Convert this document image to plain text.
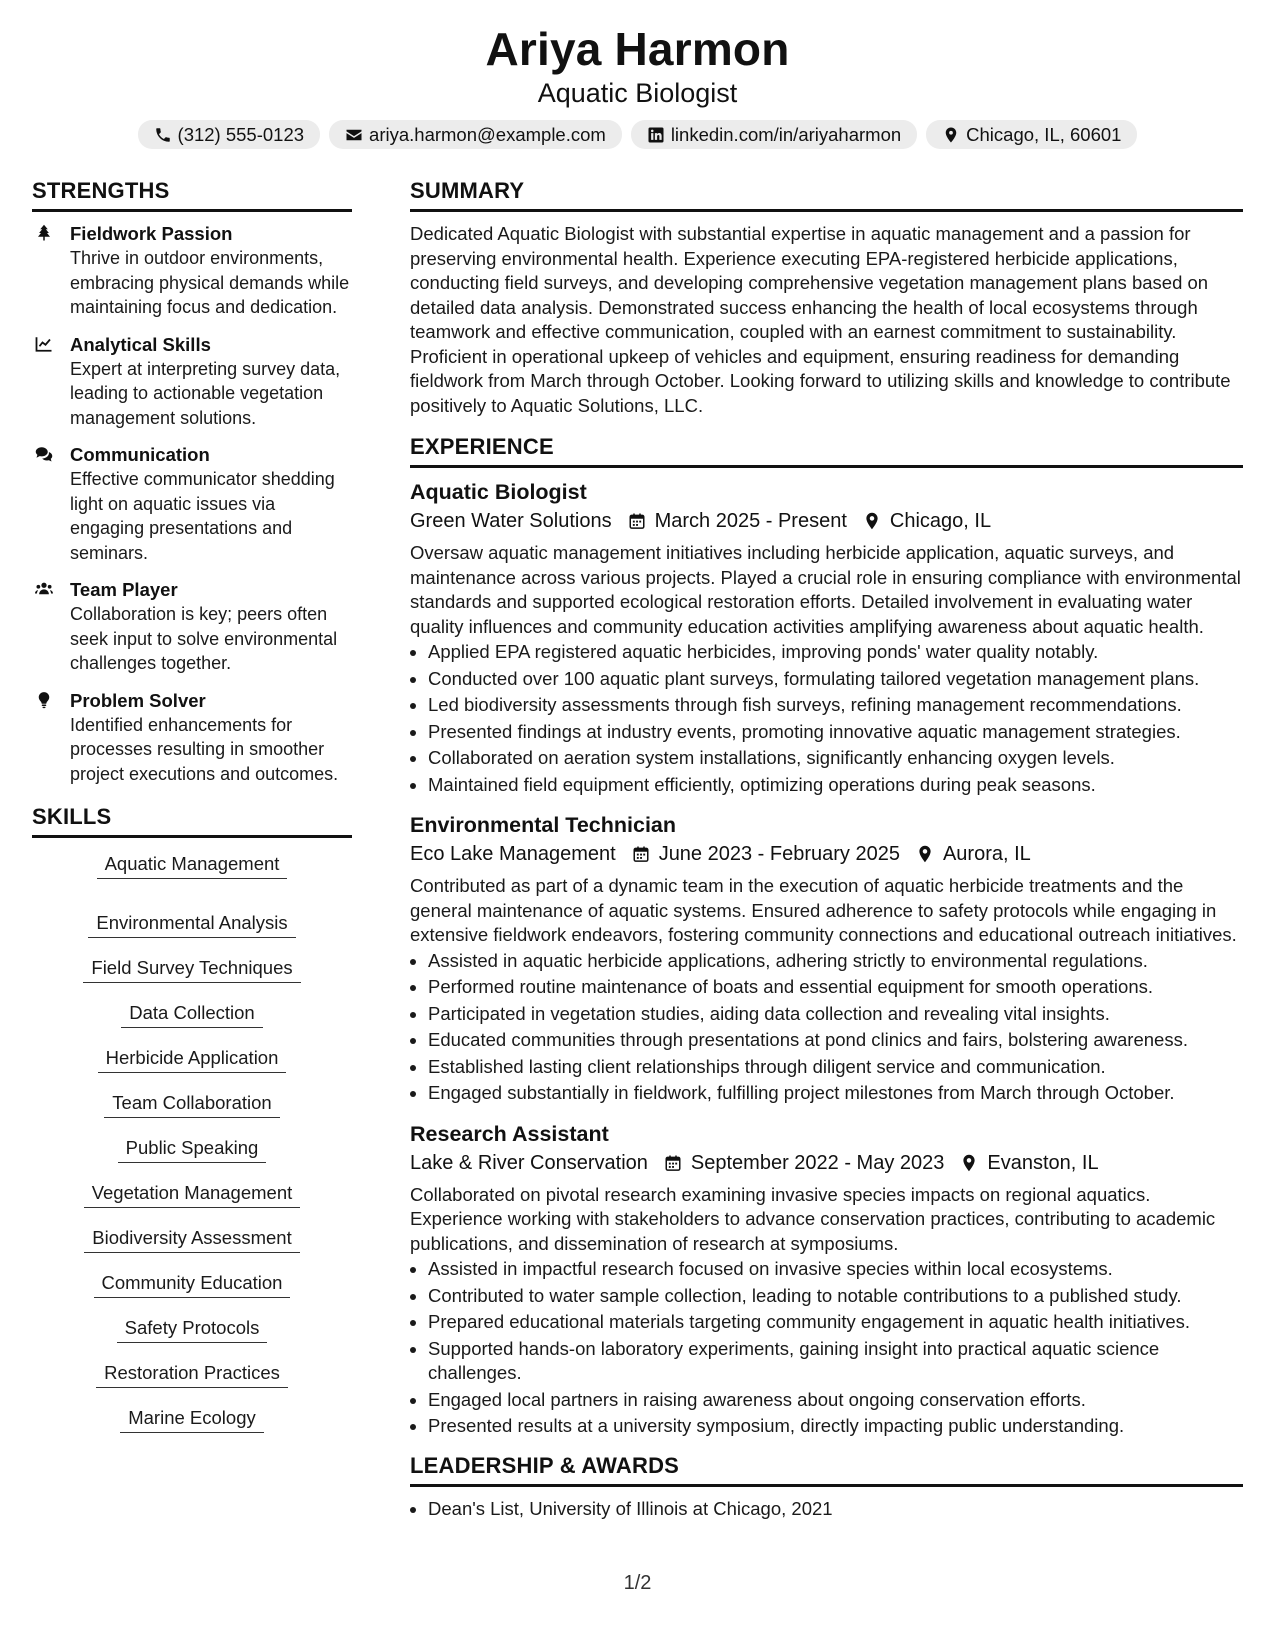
Ariya Harmon
Aquatic Biologist
(312) 555-0123	ariya.harmon@example.com	linkedin.com/in/ariyaharmon	Chicago, IL, 60601
STRENGTHS
Fieldwork Passion
Thrive in outdoor environments, embracing physical demands while maintaining focus and dedication.
Analytical Skills
Expert at interpreting survey data, leading to actionable vegetation management solutions.
Communication
Effective communicator shedding light on aquatic issues via engaging presentations and seminars.
Team Player
Collaboration is key; peers often seek input to solve environmental challenges together.
Problem Solver
Identified enhancements for processes resulting in smoother project executions and outcomes.
SKILLS
Aquatic Management
Environmental Analysis
Field Survey Techniques
Data Collection
Herbicide Application
Team Collaboration
Public Speaking
Vegetation Management
Biodiversity Assessment
Community Education
Safety Protocols
Restoration Practices
Marine Ecology
SUMMARY
Dedicated Aquatic Biologist with substantial expertise in aquatic management and a passion for preserving environmental health. Experience executing EPA-registered herbicide applications, conducting field surveys, and developing comprehensive vegetation management plans based on detailed data analysis. Demonstrated success enhancing the health of local ecosystems through teamwork and effective communication, coupled with an earnest commitment to sustainability. Proficient in operational upkeep of vehicles and equipment, ensuring readiness for demanding fieldwork from March through October. Looking forward to utilizing skills and knowledge to contribute positively to Aquatic Solutions, LLC.
EXPERIENCE
Aquatic Biologist
Green Water Solutions March 2025 - Present Chicago, IL
Oversaw aquatic management initiatives including herbicide application, aquatic surveys, and maintenance across various projects. Played a crucial role in ensuring compliance with environmental standards and supported ecological restoration efforts. Detailed involvement in evaluating water quality influences and community education activities amplifying awareness about aquatic health.
• Applied EPA registered aquatic herbicides, improving ponds' water quality notably.
• Conducted over 100 aquatic plant surveys, formulating tailored vegetation management plans.
• Led biodiversity assessments through fish surveys, refining management recommendations.
• Presented findings at industry events, promoting innovative aquatic management strategies.
• Collaborated on aeration system installations, significantly enhancing oxygen levels.
• Maintained field equipment efficiently, optimizing operations during peak seasons.
Environmental Technician
Eco Lake Management June 2023 - February 2025 Aurora, IL
Contributed as part of a dynamic team in the execution of aquatic herbicide treatments and the general maintenance of aquatic systems. Ensured adherence to safety protocols while engaging in extensive fieldwork endeavors, fostering community connections and educational outreach initiatives.
• Assisted in aquatic herbicide applications, adhering strictly to environmental regulations.
• Performed routine maintenance of boats and essential equipment for smooth operations.
• Participated in vegetation studies, aiding data collection and revealing vital insights.
• Educated communities through presentations at pond clinics and fairs, bolstering awareness.
• Established lasting client relationships through diligent service and communication.
• Engaged substantially in fieldwork, fulfilling project milestones from March through October.
Research Assistant
Lake & River Conservation September 2022 - May 2023 Evanston, IL
Collaborated on pivotal research examining invasive species impacts on regional aquatics. Experience working with stakeholders to advance conservation practices, contributing to academic publications, and dissemination of research at symposiums.
• Assisted in impactful research focused on invasive species within local ecosystems.
• Contributed to water sample collection, leading to notable contributions to a published study.
• Prepared educational materials targeting community engagement in aquatic health initiatives.
• Supported hands-on laboratory experiments, gaining insight into practical aquatic science challenges.
• Engaged local partners in raising awareness about ongoing conservation efforts.
• Presented results at a university symposium, directly impacting public understanding.
LEADERSHIP & AWARDS
• Dean's List, University of Illinois at Chicago, 2021
1/2
